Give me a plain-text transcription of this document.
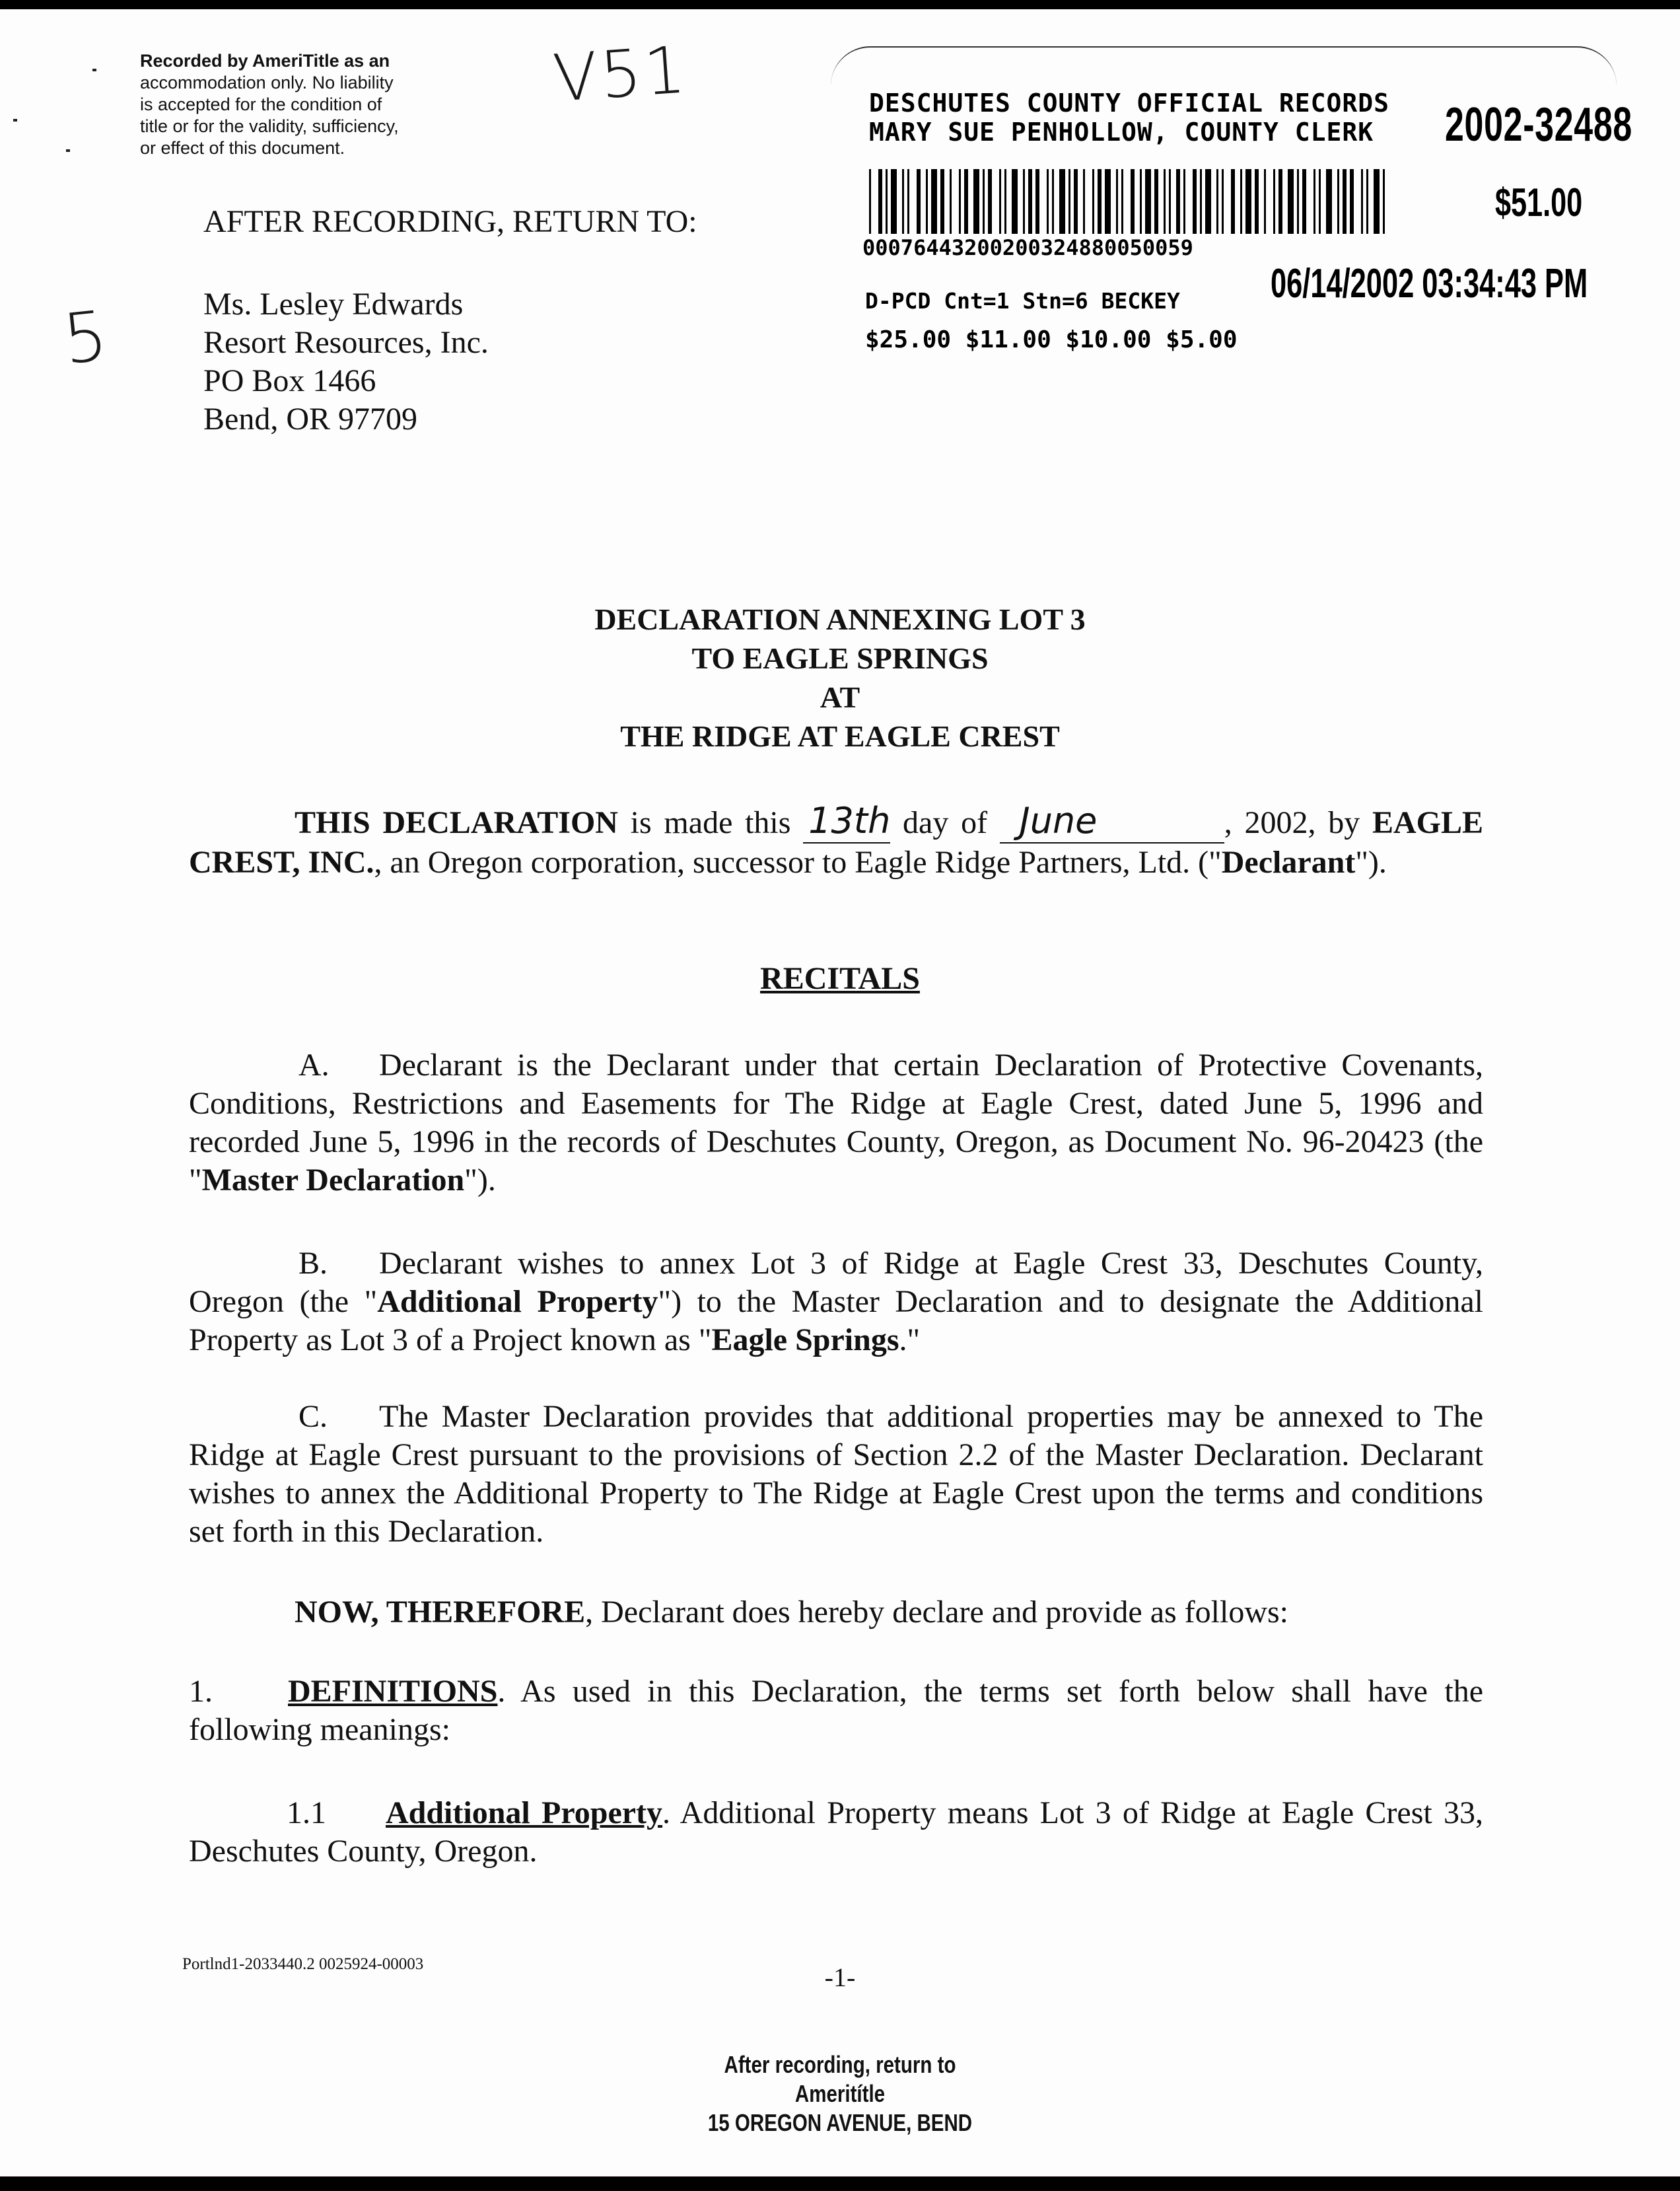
Recorded by AmeriTitle as an
accommodation only. No liability
is accepted for the condition of
title or for the validity, sufficiency,
or effect of this document.
V51
5
AFTER RECORDING, RETURN TO:
Ms. Lesley Edwards
Resort Resources, Inc.
PO Box 1466
Bend, OR 97709
DESCHUTES COUNTY OFFICIAL RECORDS
MARY SUE PENHOLLOW, COUNTY CLERK	2002-32488
$51.00
00076443200200324880050059
06/14/2002 03:34:43 PM
D-PCD Cnt=1 Stn=6 BECKEY
$25.00 $11.00 $10.00 $5.00
DECLARATION ANNEXING LOT 3
TO EAGLE SPRINGS
AT
THE RIDGE AT EAGLE CREST
THIS DECLARATION is made this 13th day of June	, 2002, by EAGLE CREST, INC., an Oregon corporation, successor to Eagle Ridge Partners, Ltd. ("Declarant").
RECITALS
A. Declarant is the Declarant under that certain Declaration of Protective Covenants, Conditions, Restrictions and Easements for The Ridge at Eagle Crest, dated June 5, 1996 and recorded June 5, 1996 in the records of Deschutes County, Oregon, as Document No. 96-20423 (the "Master Declaration").
B. Declarant wishes to annex Lot 3 of Ridge at Eagle Crest 33, Deschutes County, Oregon (the "Additional Property") to the Master Declaration and to designate the Additional Property as Lot 3 of a Project known as "Eagle Springs."
C. The Master Declaration provides that additional properties may be annexed to The Ridge at Eagle Crest pursuant to the provisions of Section 2.2 of the Master Declaration. Declarant wishes to annex the Additional Property to The Ridge at Eagle Crest upon the terms and conditions set forth in this Declaration.
NOW, THEREFORE, Declarant does hereby declare and provide as follows:
1. DEFINITIONS. As used in this Declaration, the terms set forth below shall have the following meanings:
1.1 Additional Property. Additional Property means Lot 3 of Ridge at Eagle Crest 33, Deschutes County, Oregon.
Portlnd1-2033440.2 0025924-00003	-1-
After recording, return to
Ameritítle
15 OREGON AVENUE, BEND
